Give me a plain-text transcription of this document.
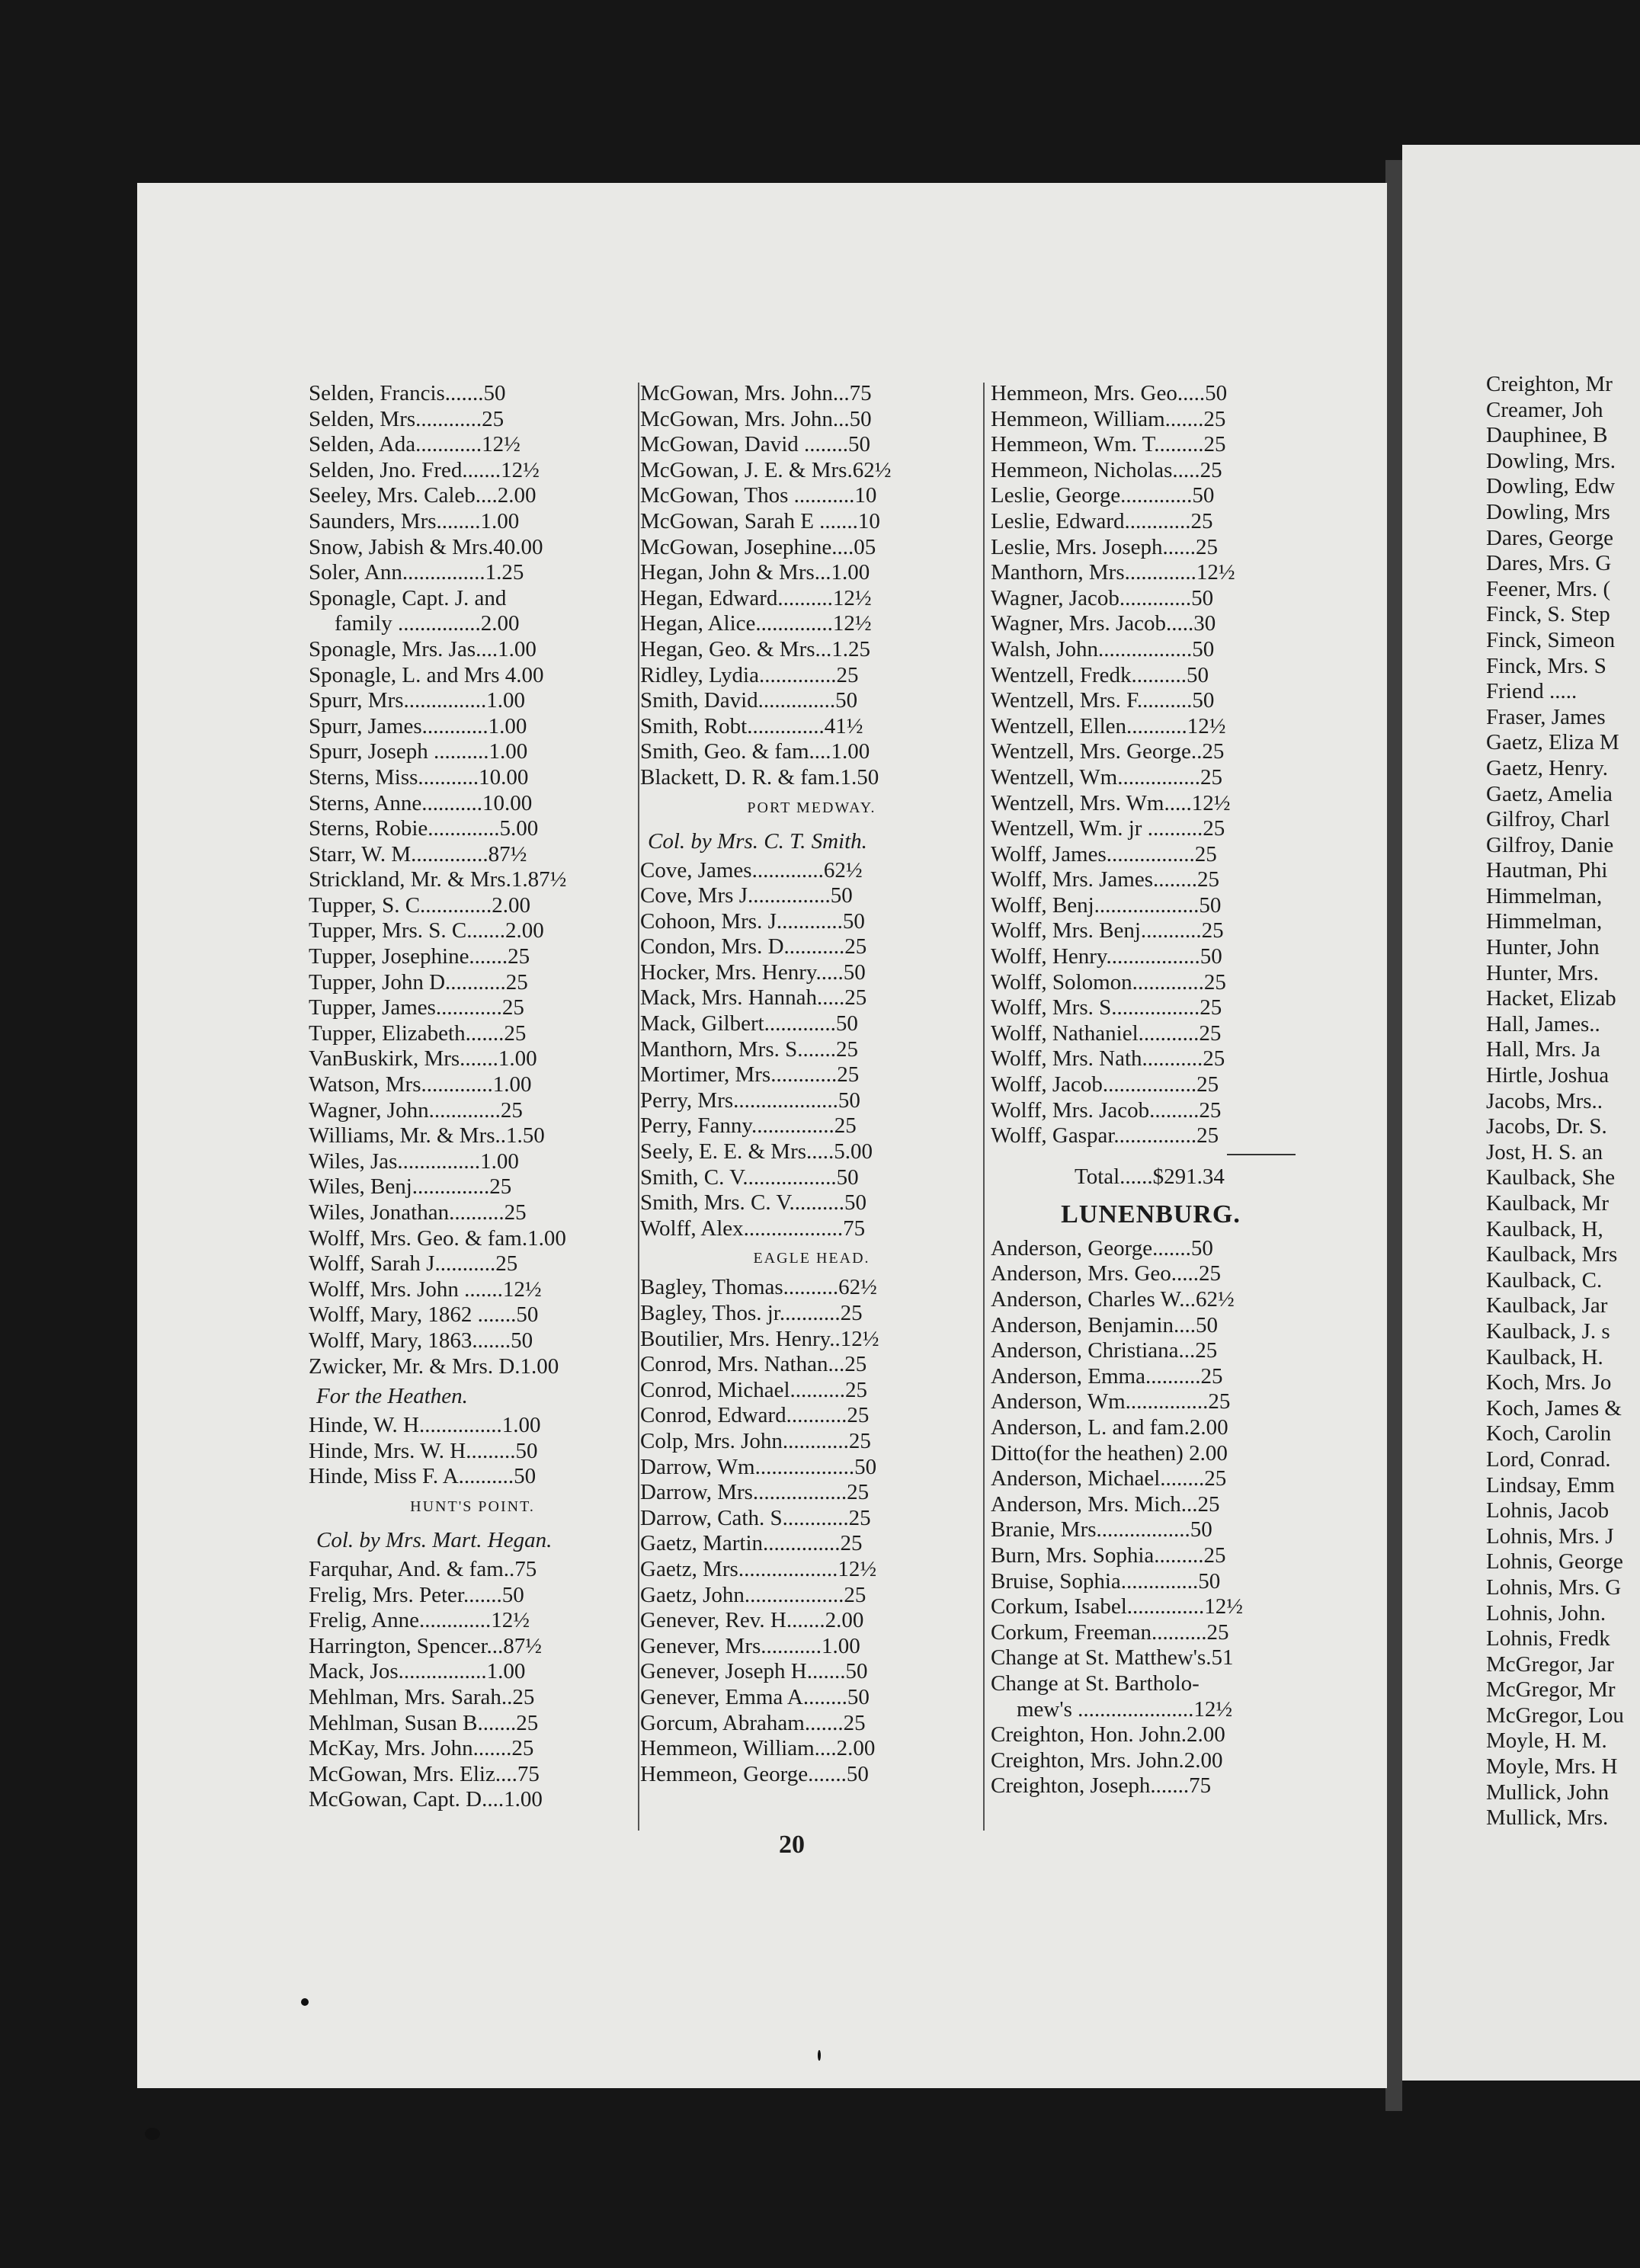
Selden, Francis.......50
Selden, Mrs............25
Selden, Ada............12½
Selden, Jno. Fred.......12½
Seeley, Mrs. Caleb....2.00
Saunders, Mrs........1.00
Snow, Jabish & Mrs.40.00
Soler, Ann...............1.25
Sponagle, Capt. J. and
family ...............2.00
Sponagle, Mrs. Jas....1.00
Sponagle, L. and Mrs 4.00
Spurr, Mrs...............1.00
Spurr, James............1.00
Spurr, Joseph ..........1.00
Sterns, Miss...........10.00
Sterns, Anne...........10.00
Sterns, Robie.............5.00
Starr, W. M..............87½
Strickland, Mr. & Mrs.1.87½
Tupper, S. C.............2.00
Tupper, Mrs. S. C.......2.00
Tupper, Josephine.......25
Tupper, John D...........25
Tupper, James............25
Tupper, Elizabeth.......25
VanBuskirk, Mrs.......1.00
Watson, Mrs.............1.00
Wagner, John.............25
Williams, Mr. & Mrs..1.50
Wiles, Jas...............1.00
Wiles, Benj..............25
Wiles, Jonathan..........25
Wolff, Mrs. Geo. & fam.1.00
Wolff, Sarah J...........25
Wolff, Mrs. John .......12½
Wolff, Mary, 1862 .......50
Wolff, Mary, 1863.......50
Zwicker, Mr. & Mrs. D.1.00
For the Heathen.
Hinde, W. H...............1.00
Hinde, Mrs. W. H.........50
Hinde, Miss F. A..........50
HUNT'S POINT.
Col. by Mrs. Mart. Hegan.
Farquhar, And. & fam..75
Frelig, Mrs. Peter.......50
Frelig, Anne.............12½
Harrington, Spencer...87½
Mack, Jos................1.00
Mehlman, Mrs. Sarah..25
Mehlman, Susan B.......25
McKay, Mrs. John.......25
McGowan, Mrs. Eliz....75
McGowan, Capt. D....1.00
McGowan, Mrs. John...75
McGowan, Mrs. John...50
McGowan, David ........50
McGowan, J. E. & Mrs.62½
McGowan, Thos ...........10
McGowan, Sarah E .......10
McGowan, Josephine....05
Hegan, John & Mrs...1.00
Hegan, Edward..........12½
Hegan, Alice..............12½
Hegan, Geo. & Mrs...1.25
Ridley, Lydia..............25
Smith, David..............50
Smith, Robt..............41½
Smith, Geo. & fam....1.00
Blackett, D. R. & fam.1.50
PORT MEDWAY.
Col. by Mrs. C. T. Smith.
Cove, James.............62½
Cove, Mrs J...............50
Cohoon, Mrs. J............50
Condon, Mrs. D...........25
Hocker, Mrs. Henry.....50
Mack, Mrs. Hannah.....25
Mack, Gilbert.............50
Manthorn, Mrs. S.......25
Mortimer, Mrs............25
Perry, Mrs...................50
Perry, Fanny...............25
Seely, E. E. & Mrs.....5.00
Smith, C. V.................50
Smith, Mrs. C. V..........50
Wolff, Alex..................75
EAGLE HEAD.
Bagley, Thomas..........62½
Bagley, Thos. jr...........25
Boutilier, Mrs. Henry..12½
Conrod, Mrs. Nathan...25
Conrod, Michael..........25
Conrod, Edward...........25
Colp, Mrs. John............25
Darrow, Wm..................50
Darrow, Mrs.................25
Darrow, Cath. S............25
Gaetz, Martin..............25
Gaetz, Mrs..................12½
Gaetz, John..................25
Genever, Rev. H.......2.00
Genever, Mrs...........1.00
Genever, Joseph H.......50
Genever, Emma A........50
Gorcum, Abraham.......25
Hemmeon, William....2.00
Hemmeon, George.......50
Hemmeon, Mrs. Geo.....50
Hemmeon, William.......25
Hemmeon, Wm. T.........25
Hemmeon, Nicholas.....25
Leslie, George.............50
Leslie, Edward............25
Leslie, Mrs. Joseph......25
Manthorn, Mrs.............12½
Wagner, Jacob.............50
Wagner, Mrs. Jacob.....30
Walsh, John.................50
Wentzell, Fredk..........50
Wentzell, Mrs. F..........50
Wentzell, Ellen...........12½
Wentzell, Mrs. George..25
Wentzell, Wm...............25
Wentzell, Mrs. Wm.....12½
Wentzell, Wm. jr ..........25
Wolff, James................25
Wolff, Mrs. James........25
Wolff, Benj...................50
Wolff, Mrs. Benj...........25
Wolff, Henry.................50
Wolff, Solomon.............25
Wolff, Mrs. S................25
Wolff, Nathaniel...........25
Wolff, Mrs. Nath...........25
Wolff, Jacob.................25
Wolff, Mrs. Jacob.........25
Wolff, Gaspar...............25
Total......$291.34
LUNENBURG.
Anderson, George.......50
Anderson, Mrs. Geo.....25
Anderson, Charles W...62½
Anderson, Benjamin....50
Anderson, Christiana...25
Anderson, Emma..........25
Anderson, Wm...............25
Anderson, L. and fam.2.00
Ditto(for the heathen) 2.00
Anderson, Michael........25
Anderson, Mrs. Mich...25
Branie, Mrs.................50
Burn, Mrs. Sophia.........25
Bruise, Sophia..............50
Corkum, Isabel..............12½
Corkum, Freeman..........25
Change at St. Matthew's.51
Change at St. Bartholo-
mew's .....................12½
Creighton, Hon. John.2.00
Creighton, Mrs. John.2.00
Creighton, Joseph.......75
20
Creighton, Mr
Creamer, Joh
Dauphinee, B
Dowling, Mrs.
Dowling, Edw
Dowling, Mrs
Dares, George
Dares, Mrs. G
Feener, Mrs. (
Finck, S. Step
Finck, Simeon
Finck, Mrs. S
Friend .....
Fraser, James
Gaetz, Eliza M
Gaetz, Henry.
Gaetz, Amelia
Gilfroy, Charl
Gilfroy, Danie
Hautman, Phi
Himmelman,
Himmelman,
Hunter, John
Hunter, Mrs.
Hacket, Elizab
Hall, James..
Hall, Mrs. Ja
Hirtle, Joshua
Jacobs, Mrs..
Jacobs, Dr. S.
Jost, H. S. an
Kaulback, She
Kaulback, Mr
Kaulback, H,
Kaulback, Mrs
Kaulback, C.
Kaulback, Jar
Kaulback, J. s
Kaulback, H.
Koch, Mrs. Jo
Koch, James &
Koch, Carolin
Lord, Conrad.
Lindsay, Emm
Lohnis, Jacob
Lohnis, Mrs. J
Lohnis, George
Lohnis, Mrs. G
Lohnis, John.
Lohnis, Fredk
McGregor, Jar
McGregor, Mr
McGregor, Lou
Moyle, H. M.
Moyle, Mrs. H
Mullick, John
Mullick, Mrs.
